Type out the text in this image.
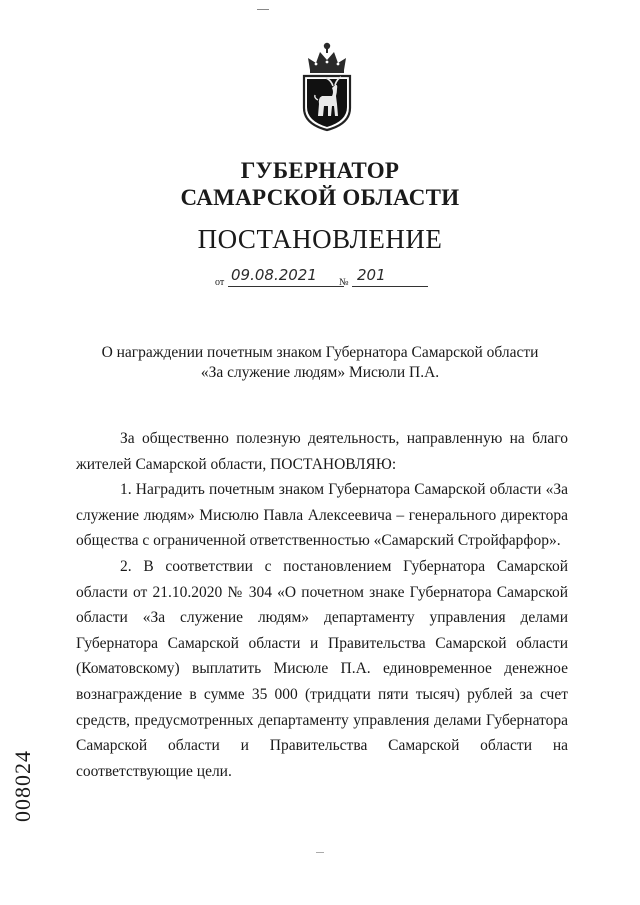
ГУБЕРНАТОР
САМАРСКОЙ ОБЛАСТИ
ПОСТАНОВЛЕНИЕ
от 09.08.2021 № 201
О награждении почетным знаком Губернатора Самарской области
«За служение людям» Мисюли П.А.

За общественно полезную деятельность, направленную на благо жителей Самарской области, ПОСТАНОВЛЯЮ:

1. Наградить почетным знаком Губернатора Самарской области «За служение людям» Мисюлю Павла Алексеевича – генерального директора общества с ограниченной ответственностью «Самарский Стройфарфор».

2. В соответствии с постановлением Губернатора Самарской области от 21.10.2020 № 304 «О почетном знаке Губернатора Самарской области «За служение людям» департаменту управления делами Губернатора Самарской области и Правительства Самарской области (Коматовскому) выплатить Мисюле П.А. единовременное денежное вознаграждение в сумме 35 000 (тридцати пяти тысяч) рублей за счет средств, предусмотренных департаменту управления делами Губернатора Самарской области и Правительства Самарской области на соответствующие цели.

008024
